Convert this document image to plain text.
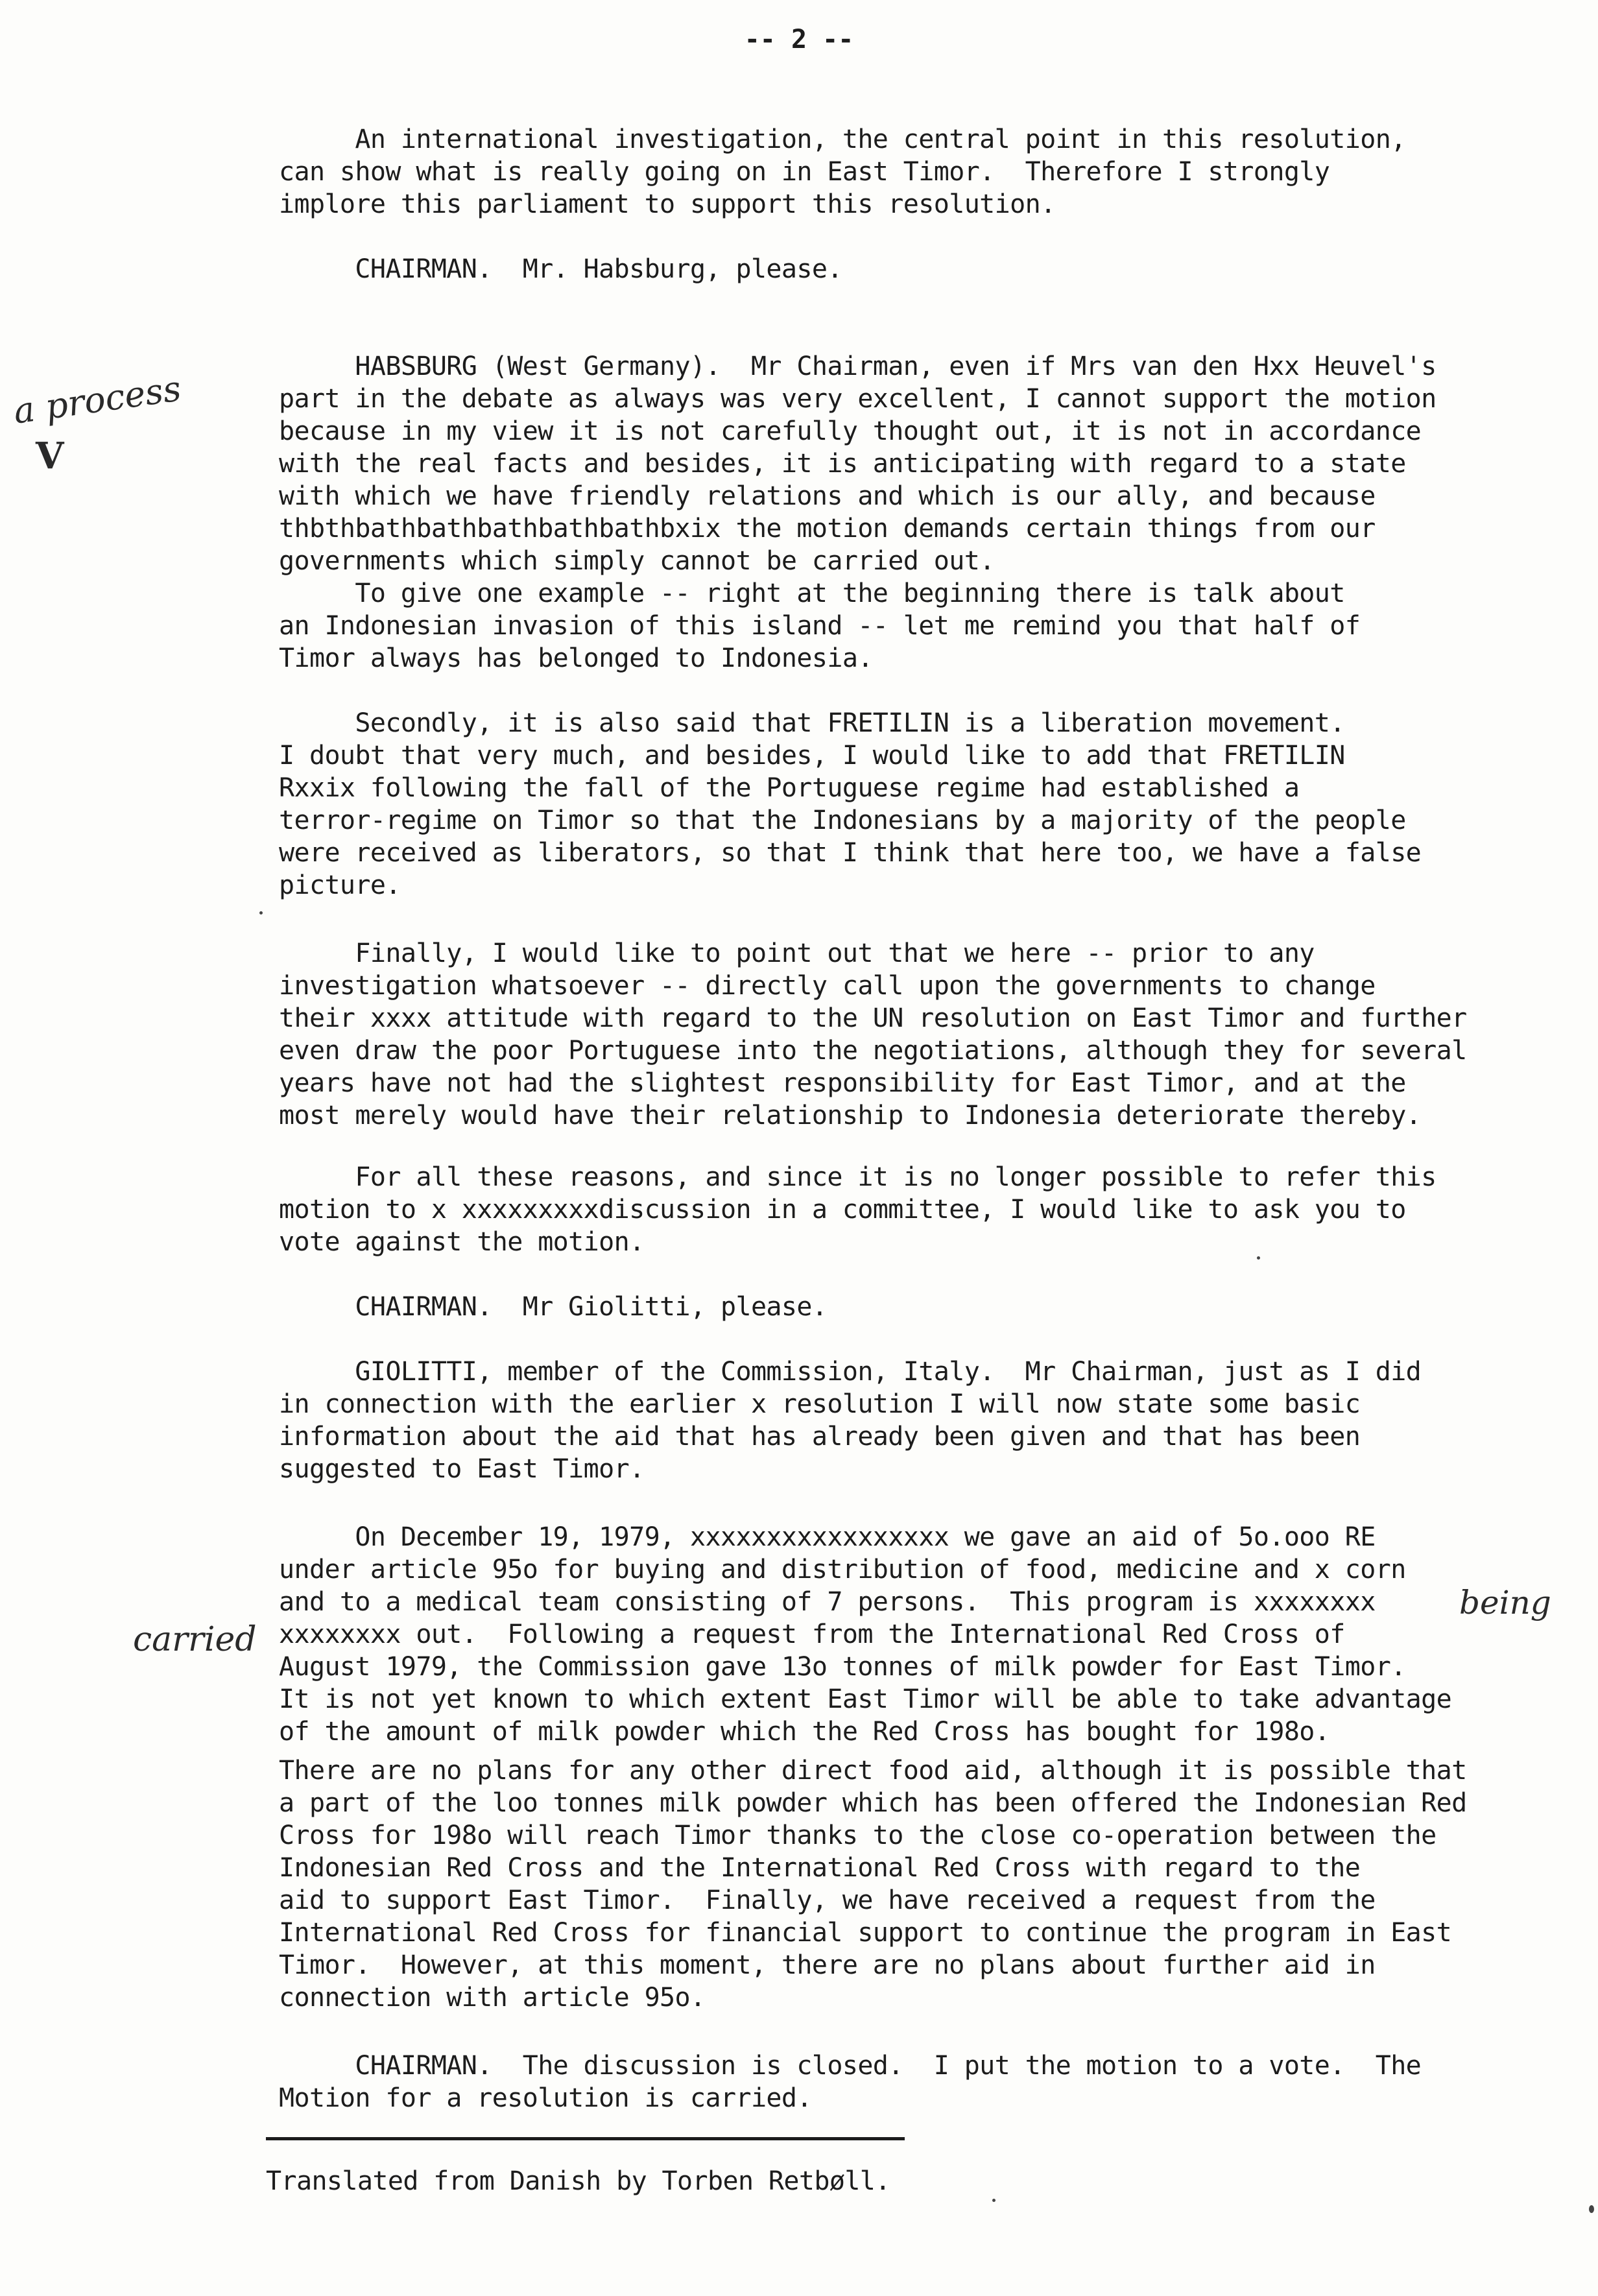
-- 2 --

An international investigation, the central point in this resolution,
can show what is really going on in East Timor.  Therefore I strongly
implore this parliament to support this resolution.

CHAIRMAN.  Mr. Habsburg, please.

HABSBURG (West Germany).  Mr Chairman, even if Mrs van den Hxx Heuvel's
part in the debate as always was very excellent, I cannot support the motion
because in my view it is not carefully thought out, it is not in accordance
with the real facts and besides, it is anticipating with regard to a state
with which we have friendly relations and which is our ally, and because
thbthbathbathbathbathbathbxix the motion demands certain things from our
governments which simply cannot be carried out.

To give one example -- right at the beginning there is talk about
an Indonesian invasion of this island -- let me remind you that half of
Timor always has belonged to Indonesia.

Secondly, it is also said that FRETILIN is a liberation movement.
I doubt that very much, and besides, I would like to add that FRETILIN
Rxxix following the fall of the Portuguese regime had established a
terror-regime on Timor so that the Indonesians by a majority of the people
were received as liberators, so that I think that here too, we have a false
picture.

Finally, I would like to point out that we here -- prior to any
investigation whatsoever -- directly call upon the governments to change
their xxxx attitude with regard to the UN resolution on East Timor and further
even draw the poor Portuguese into the negotiations, although they for several
years have not had the slightest responsibility for East Timor, and at the
most merely would have their relationship to Indonesia deteriorate thereby.

For all these reasons, and since it is no longer possible to refer this
motion to x xxxxxxxxxdiscussion in a committee, I would like to ask you to
vote against the motion.

CHAIRMAN.  Mr Giolitti, please.

GIOLITTI, member of the Commission, Italy.  Mr Chairman, just as I did
in connection with the earlier x resolution I will now state some basic
information about the aid that has already been given and that has been
suggested to East Timor.

On December 19, 1979, xxxxxxxxxxxxxxxxx we gave an aid of 5o.ooo RE
under article 95o for buying and distribution of food, medicine and x corn
and to a medical team consisting of 7 persons.  This program is xxxxxxxx
xxxxxxxx out.  Following a request from the International Red Cross of
August 1979, the Commission gave 13o tonnes of milk powder for East Timor.
It is not yet known to which extent East Timor will be able to take advantage
of the amount of milk powder which the Red Cross has bought for 198o.

There are no plans for any other direct food aid, although it is possible that
a part of the loo tonnes milk powder which has been offered the Indonesian Red
Cross for 198o will reach Timor thanks to the close co-operation between the
Indonesian Red Cross and the International Red Cross with regard to the
aid to support East Timor.  Finally, we have received a request from the
International Red Cross for financial support to continue the program in East
Timor.  However, at this moment, there are no plans about further aid in
connection with article 95o.

CHAIRMAN.  The discussion is closed.  I put the motion to a vote.  The
Motion for a resolution is carried.

a process
V
carried
being

Translated from Danish by Torben Retbøll.
